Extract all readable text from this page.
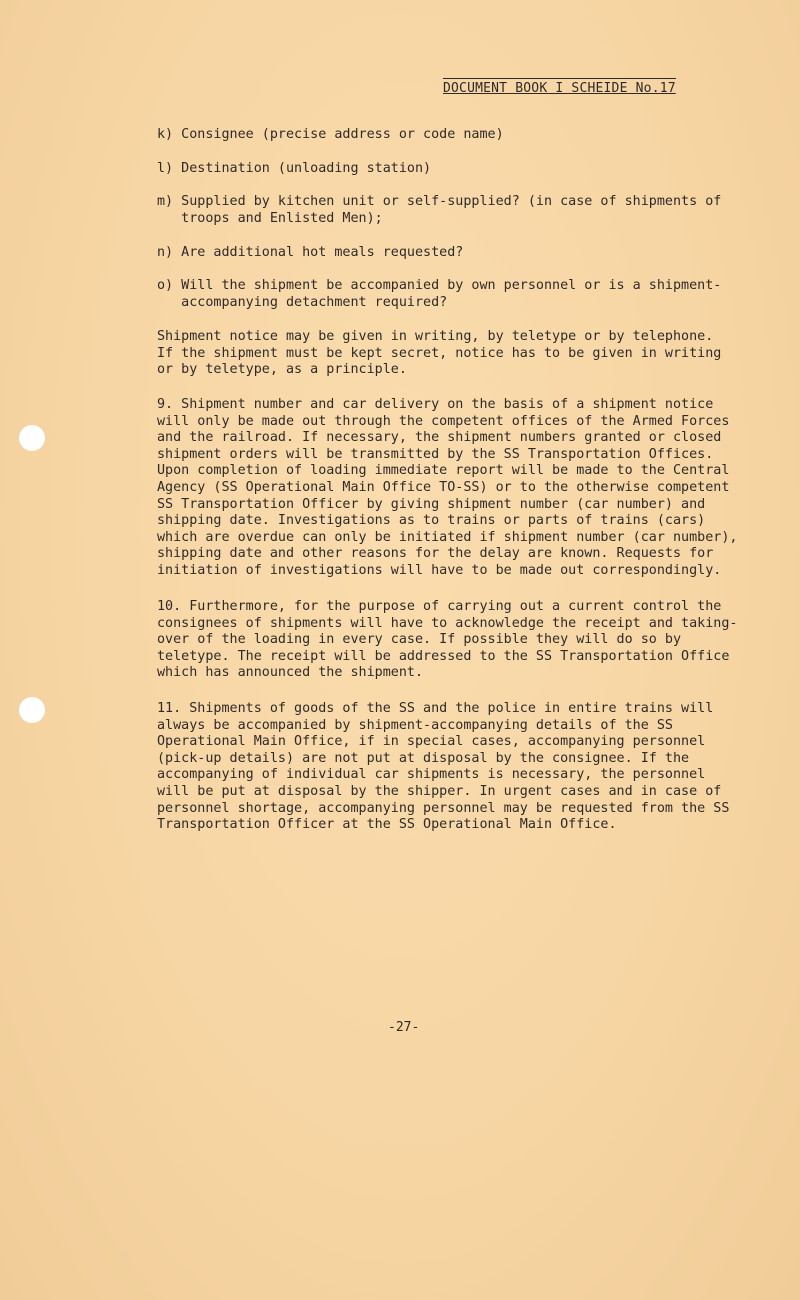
DOCUMENT BOOK I SCHEIDE No.17
k) Consignee (precise address or code name)
l) Destination (unloading station)
m) Supplied by kitchen unit or self-supplied? (in case of shipments of
troops and Enlisted Men);
n) Are additional hot meals requested?
o) Will the shipment be accompanied by own personnel or is a shipment-
accompanying detachment required?
Shipment notice may be given in writing, by teletype or by telephone.
If the shipment must be kept secret, notice has to be given in writing
or by teletype, as a principle.
9. Shipment number and car delivery on the basis of a shipment notice
will only be made out through the competent offices of the Armed Forces
and the railroad. If necessary, the shipment numbers granted or closed
shipment orders will be transmitted by the SS Transportation Offices.
Upon completion of loading immediate report will be made to the Central
Agency (SS Operational Main Office TO-SS) or to the otherwise competent
SS Transportation Officer by giving shipment number (car number) and
shipping date. Investigations as to trains or parts of trains (cars)
which are overdue can only be initiated if shipment number (car number),
shipping date and other reasons for the delay are known. Requests for
initiation of investigations will have to be made out correspondingly.
10. Furthermore, for the purpose of carrying out a current control the
consignees of shipments will have to acknowledge the receipt and taking-
over of the loading in every case. If possible they will do so by
teletype. The receipt will be addressed to the SS Transportation Office
which has announced the shipment.
11. Shipments of goods of the SS and the police in entire trains will
always be accompanied by shipment-accompanying details of the SS
Operational Main Office, if in special cases, accompanying personnel
(pick-up details) are not put at disposal by the consignee. If the
accompanying of individual car shipments is necessary, the personnel
will be put at disposal by the shipper. In urgent cases and in case of
personnel shortage, accompanying personnel may be requested from the SS
Transportation Officer at the SS Operational Main Office.
-27-
